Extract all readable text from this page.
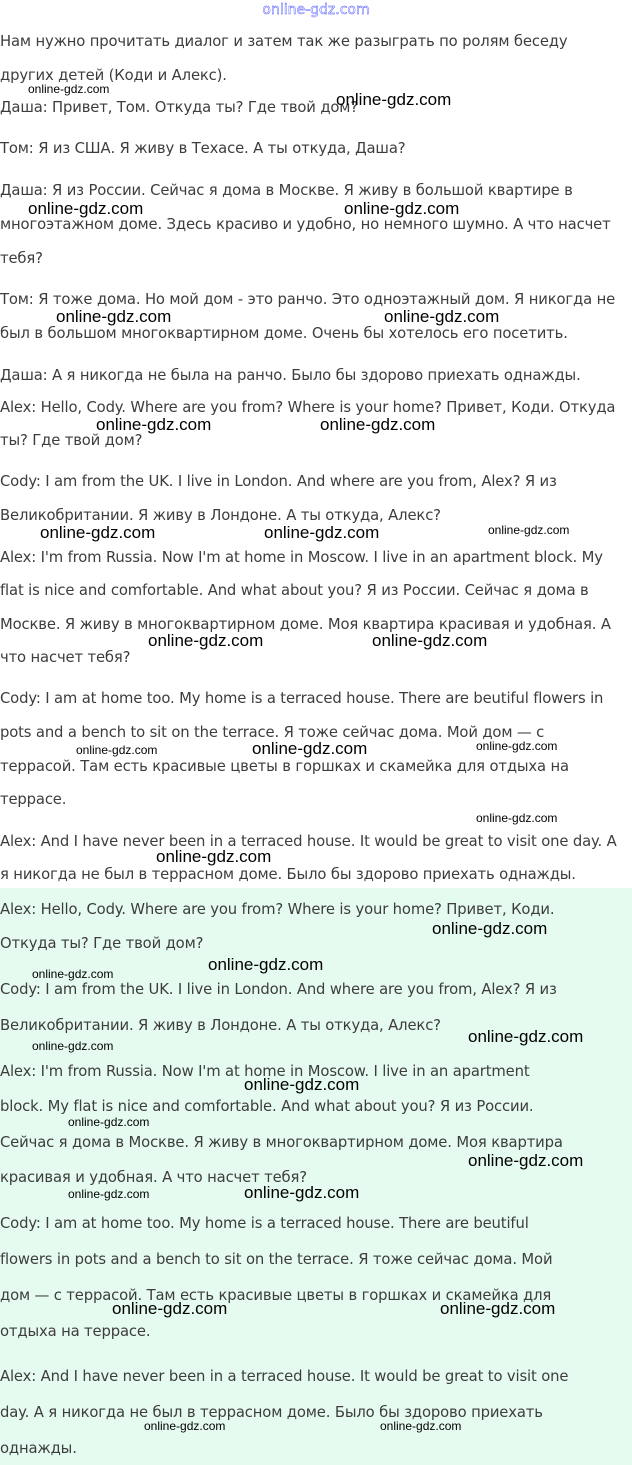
online-gdz.com
Нам нужно прочитать диалог и затем так же разыграть по ролям беседу
других детей (Коди и Алекс).
Даша: Привет, Том. Откуда ты? Где твой дом?
Том: Я из США. Я живу в Техасе. А ты откуда, Даша?
Даша: Я из России. Сейчас я дома в Москве. Я живу в большой квартире в
многоэтажном доме. Здесь красиво и удобно, но немного шумно. А что насчет
тебя?
Том: Я тоже дома. Но мой дом - это ранчо. Это одноэтажный дом. Я никогда не
был в большом многоквартирном доме. Очень бы хотелось его посетить.
Даша: А я никогда не была на ранчо. Было бы здорово приехать однажды.
Alex: Hello, Cody. Where are you from? Where is your home? Привет, Коди. Откуда
ты? Где твой дом?
Cody: I am from the UK. I live in London. And where are you from, Alex? Я из
Великобритании. Я живу в Лондоне. А ты откуда, Алекс?
Alex: I'm from Russia. Now I'm at home in Moscow. I live in an apartment block. My
flat is nice and comfortable. And what about you? Я из России. Сейчас я дома в
Москве. Я живу в многоквартирном доме. Моя квартира красивая и удобная. А
что насчет тебя?
Cody: I am at home too. My home is a terraced house. There are beutiful flowers in
pots and a bench to sit on the terrace. Я тоже сейчас дома. Мой дом — с
террасой. Там есть красивые цветы в горшках и скамейка для отдыха на
террасе.
Alex: And I have never been in a terraced house. It would be great to visit one day. A
я никогда не был в террасном доме. Было бы здорово приехать однажды.
Alex: Hello, Cody. Where are you from? Where is your home? Привет, Коди.
Откуда ты? Где твой дом?
Cody: I am from the UK. I live in London. And where are you from, Alex? Я из
Великобритании. Я живу в Лондоне. А ты откуда, Алекс?
Alex: I'm from Russia. Now I'm at home in Moscow. I live in an apartment
block. My flat is nice and comfortable. And what about you? Я из России.
Сейчас я дома в Москве. Я живу в многоквартирном доме. Моя квартира
красивая и удобная. А что насчет тебя?
Cody: I am at home too. My home is a terraced house. There are beutiful
flowers in pots and a bench to sit on the terrace. Я тоже сейчас дома. Мой
дом — с террасой. Там есть красивые цветы в горшках и скамейка для
отдыха на террасе.
Alex: And I have never been in a terraced house. It would be great to visit one
day. А я никогда не был в террасном доме. Было бы здорово приехать
однажды.
online-gdz.com
online-gdz.com
online-gdz.com	online-gdz.com
online-gdz.com	online-gdz.com
online-gdz.com	online-gdz.com
online-gdz.com	online-gdz.com	online-gdz.com
online-gdz.com	online-gdz.com
online-gdz.com	online-gdz.com	online-gdz.com
online-gdz.com
online-gdz.com
online-gdz.com
online-gdz.com
online-gdz.com
online-gdz.com
online-gdz.com
online-gdz.com
online-gdz.com
online-gdz.com
online-gdz.com
online-gdz.com
online-gdz.com	online-gdz.com
online-gdz.com	online-gdz.com
